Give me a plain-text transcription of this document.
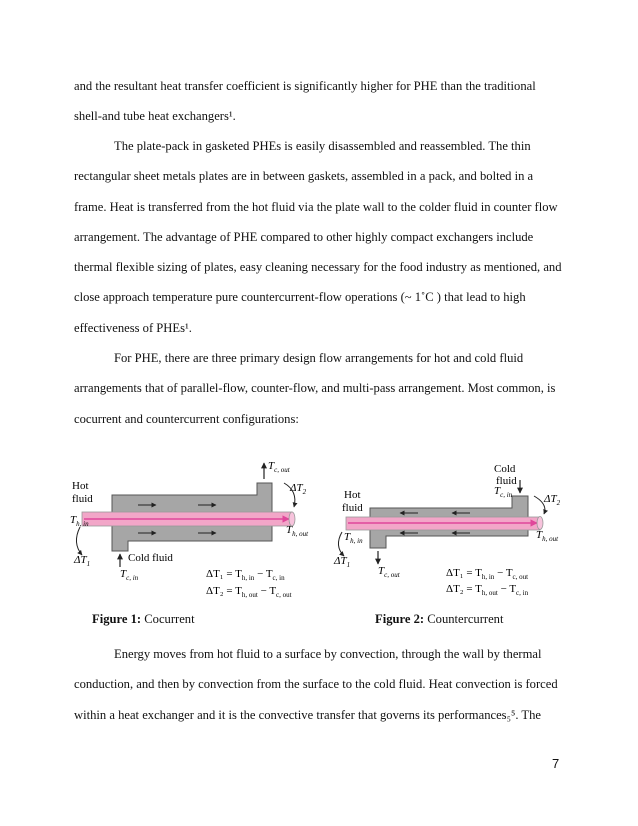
and the resultant heat transfer coefficient is significantly higher for PHE than the traditional
shell-and tube heat exchangers¹.

The plate-pack in gasketed PHEs is easily disassembled and reassembled. The thin
rectangular sheet metals plates are in between gaskets, assembled in a pack, and bolted in a
frame. Heat is transferred from the hot fluid via the plate wall to the colder fluid in counter flow
arrangement. The advantage of PHE compared to other highly compact exchangers include
thermal flexible sizing of plates, easy cleaning necessary for the food industry as mentioned, and
close approach temperature pure countercurrent-flow operations (~ 1˚C ) that lead to high
effectiveness of PHEs¹.

For PHE, there are three primary design flow arrangements for hot and cold fluid
arrangements that of parallel-flow, counter-flow, and multi-pass arrangement. Most common, is
cocurrent and countercurrent configurations:

Hot
fluid
$T_{h, in}$
$T_{c, out}$
$\Delta T_2$
$T_{h, out}$
$\Delta T_1$	Cold fluid
$T_{c, in}$	$\Delta T_1 = T_{h, in} - T_{c, in}$
$\Delta T_2 = T_{h, out} - T_{c, out}$
Cold
fluid
$T_{c, in}$
Hot
fluid
$\Delta T_2$
$T_{h, in}$	$T_{h, out}$
$\Delta T_1$	$T_{c, out}$	$\Delta T_1 = T_{h, in} - T_{c, out}$
$\Delta T_2 = T_{h, out} - T_{c, in}$
Figure 1: Cocurrent	Figure 2: Countercurrent

Energy moves from hot fluid to a surface by convection, through the wall by thermal
conduction, and then by convection from the surface to the cold fluid. Heat convection is forced
within a heat exchanger and it is the convective transfer that governs its performances₅⁵. The

7
